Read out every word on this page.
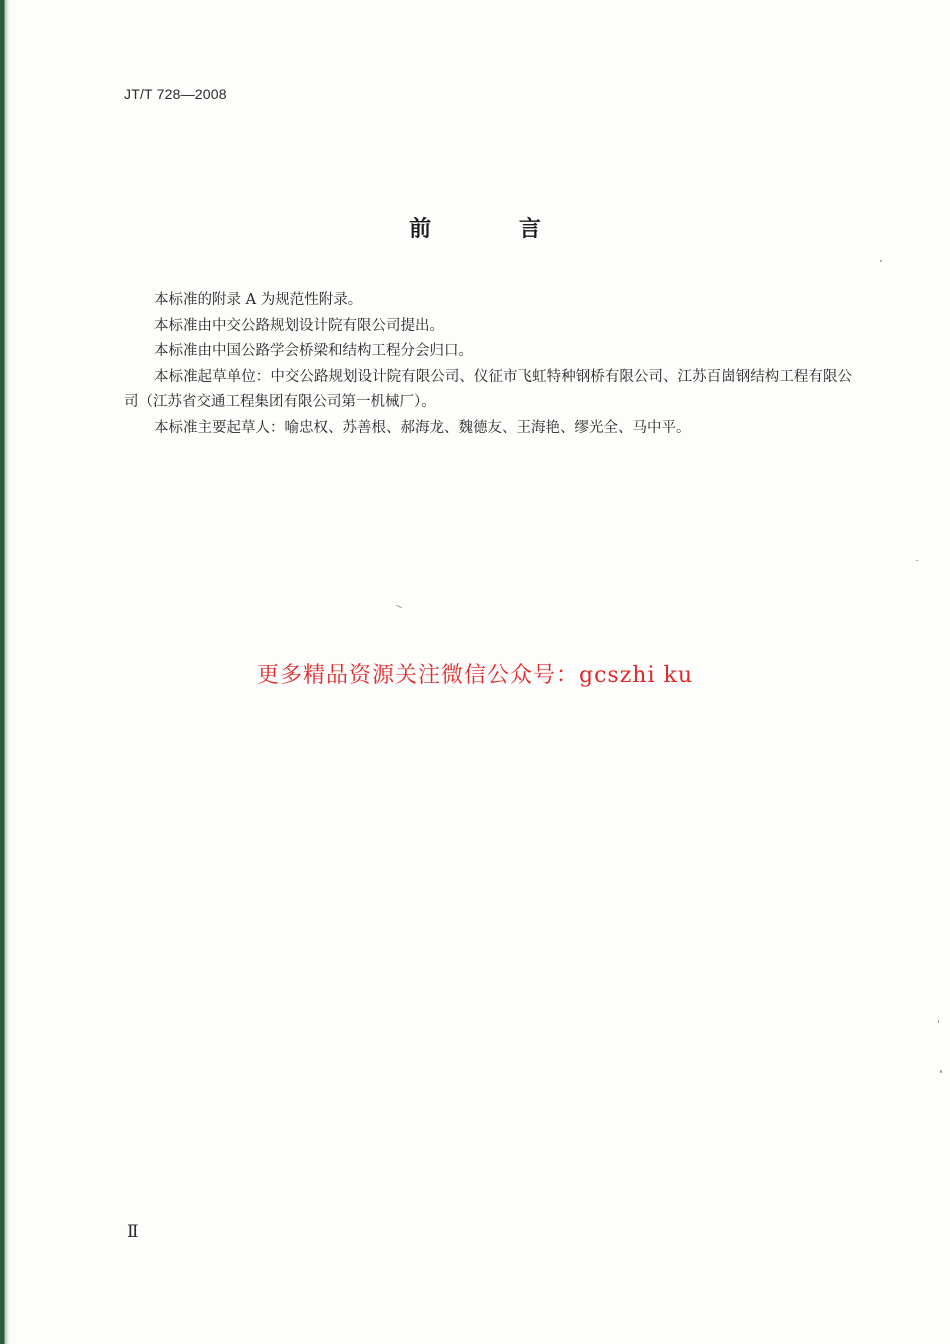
JT/T 728—2008
前 言

本标准的附录 A 为规范性附录。

本标准由中交公路规划设计院有限公司提出。

本标准由中国公路学会桥梁和结构工程分会归口。

本标准起草单位：中交公路规划设计院有限公司、仪征市飞虹特种钢桥有限公司、江苏百崮钢结构工程有限公司（江苏省交通工程集团有限公司第一机械厂）。

本标准主要起草人：喻忠权、苏善根、郝海龙、魏德友、王海艳、缪光全、马中平。

更多精品资源关注微信公众号：gcszhi ku
Ⅱ
